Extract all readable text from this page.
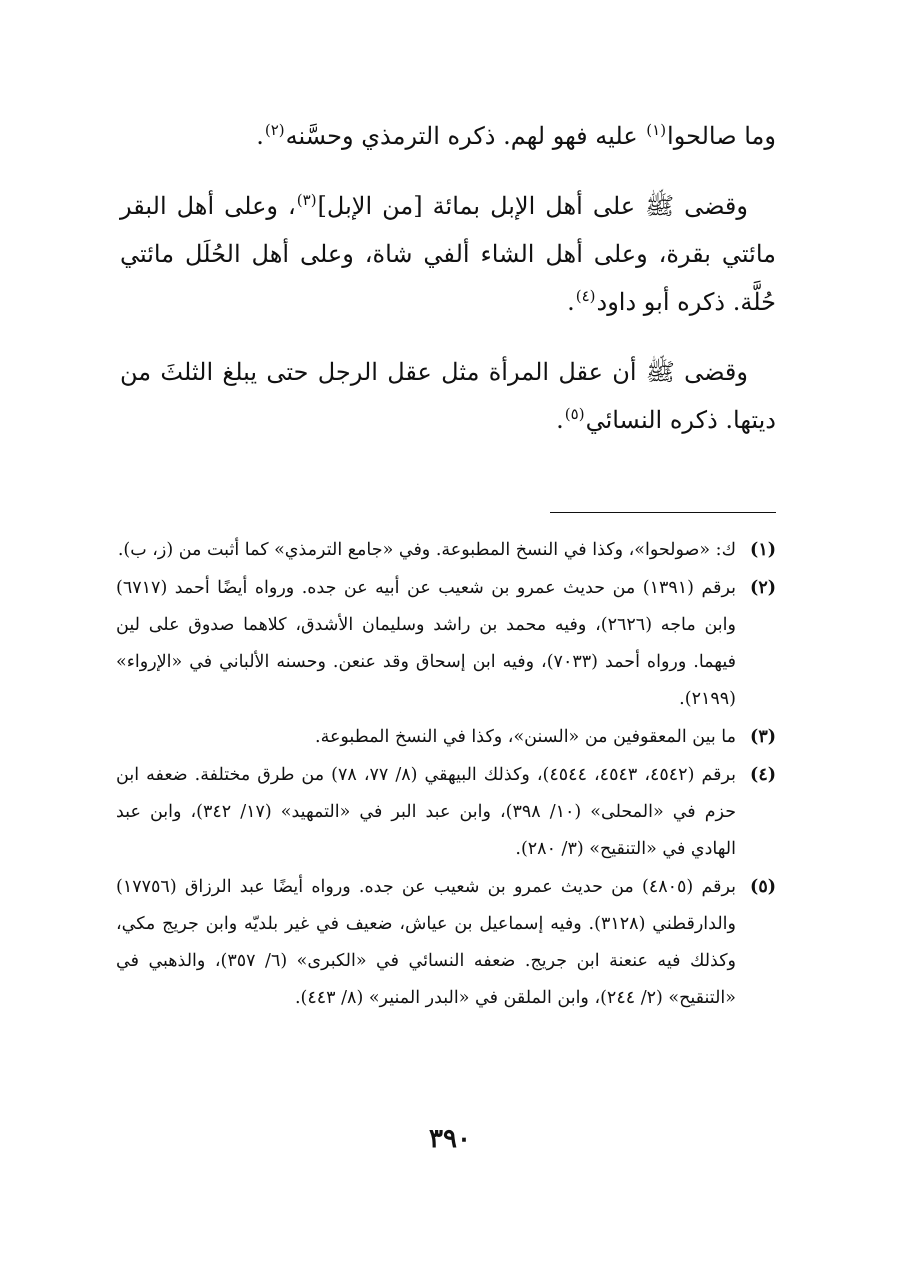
وما صالحوا$^{(١)}$ عليه فهو لهم. ذكره الترمذي وحسَّنه$^{(٢)}$.

وقضى ﷺ على أهل الإبل بمائة [من الإبل]$^{(٣)}$، وعلى أهل البقر مائتي بقرة، وعلى أهل الشاء ألفي شاة، وعلى أهل الحُلَل مائتي حُلَّة. ذكره أبو داود$^{(٤)}$.

وقضى ﷺ أن عقل المرأة مثل عقل الرجل حتى يبلغ الثلثَ من ديتها. ذكره النسائي$^{(٥)}$.

(١)
ك: «صولحوا»، وكذا في النسخ المطبوعة. وفي «جامع الترمذي» كما أثبت من (ز، ب).
(٢)
برقم (١٣٩١) من حديث عمرو بن شعيب عن أبيه عن جده. ورواه أيضًا أحمد (٦٧١٧) وابن ماجه (٢٦٢٦)، وفيه محمد بن راشد وسليمان الأشدق، كلاهما صدوق على لين فيهما. ورواه أحمد (٧٠٣٣)، وفيه ابن إسحاق وقد عنعن. وحسنه الألباني في «الإرواء» (٢١٩٩).
(٣)
ما بين المعقوفين من «السنن»، وكذا في النسخ المطبوعة.
(٤)
برقم (٤٥٤٢، ٤٥٤٣، ٤٥٤٤)، وكذلك البيهقي (٨/ ٧٧، ٧٨) من طرق مختلفة. ضعفه ابن حزم في «المحلى» (١٠/ ٣٩٨)، وابن عبد البر في «التمهيد» (١٧/ ٣٤٢)، وابن عبد الهادي في «التنقيح» (٣/ ٢٨٠).
(٥)
برقم (٤٨٠٥) من حديث عمرو بن شعيب عن جده. ورواه أيضًا عبد الرزاق (١٧٧٥٦) والدارقطني (٣١٢٨). وفيه إسماعيل بن عياش، ضعيف في غير بلديّه وابن جريج مكي، وكذلك فيه عنعنة ابن جريج. ضعفه النسائي في «الكبرى» (٦/ ٣٥٧)، والذهبي في «التنقيح» (٢/ ٢٤٤)، وابن الملقن في «البدر المنير» (٨/ ٤٤٣).
٣٩٠
